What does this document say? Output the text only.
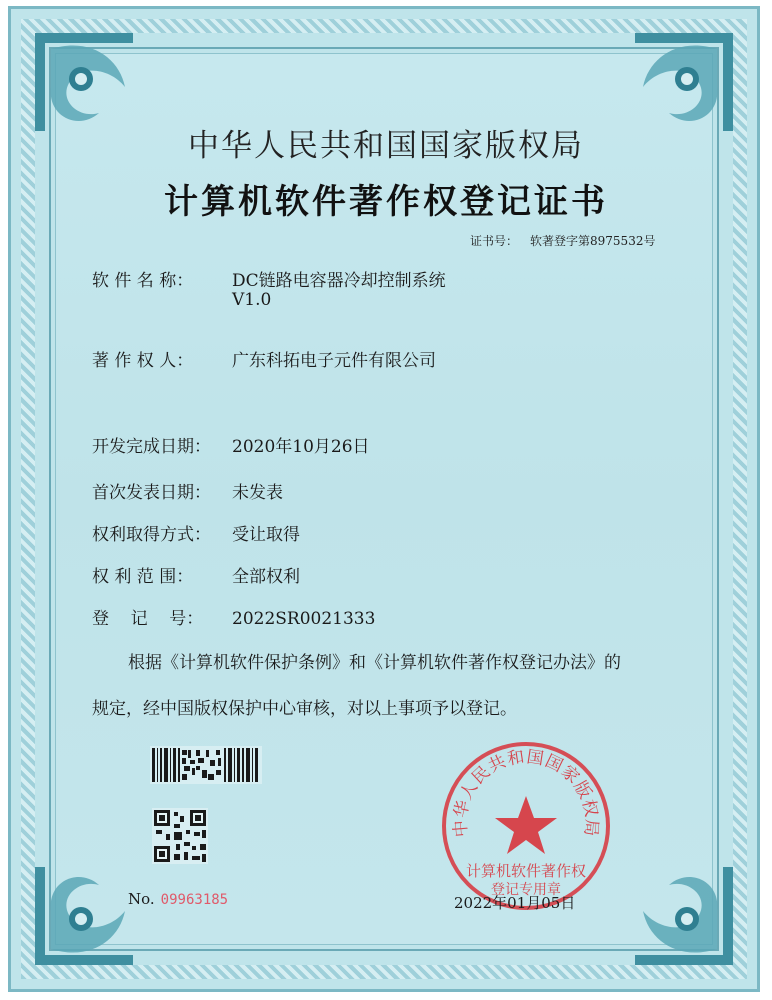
中华人民共和国国家版权局
计算机软件著作权登记证书
证书号： 软著登字第8975532号
软 件 名 称： DC链路电容器冷却控制系统
V1.0
著 作 权 人： 广东科拓电子元件有限公司
开发完成日期： 2020年10月26日
首次发表日期： 未发表
权利取得方式： 受让取得
权 利 范 围： 全部权利
登    记    号： 2022SR0021333
根据《计算机软件保护条例》和《计算机软件著作权登记办法》的
规定，经中国版权保护中心审核，对以上事项予以登记。
No. 09963185
中华人民共和国国家版权局
计算机软件著作权
登记专用章
2022年01月05日
